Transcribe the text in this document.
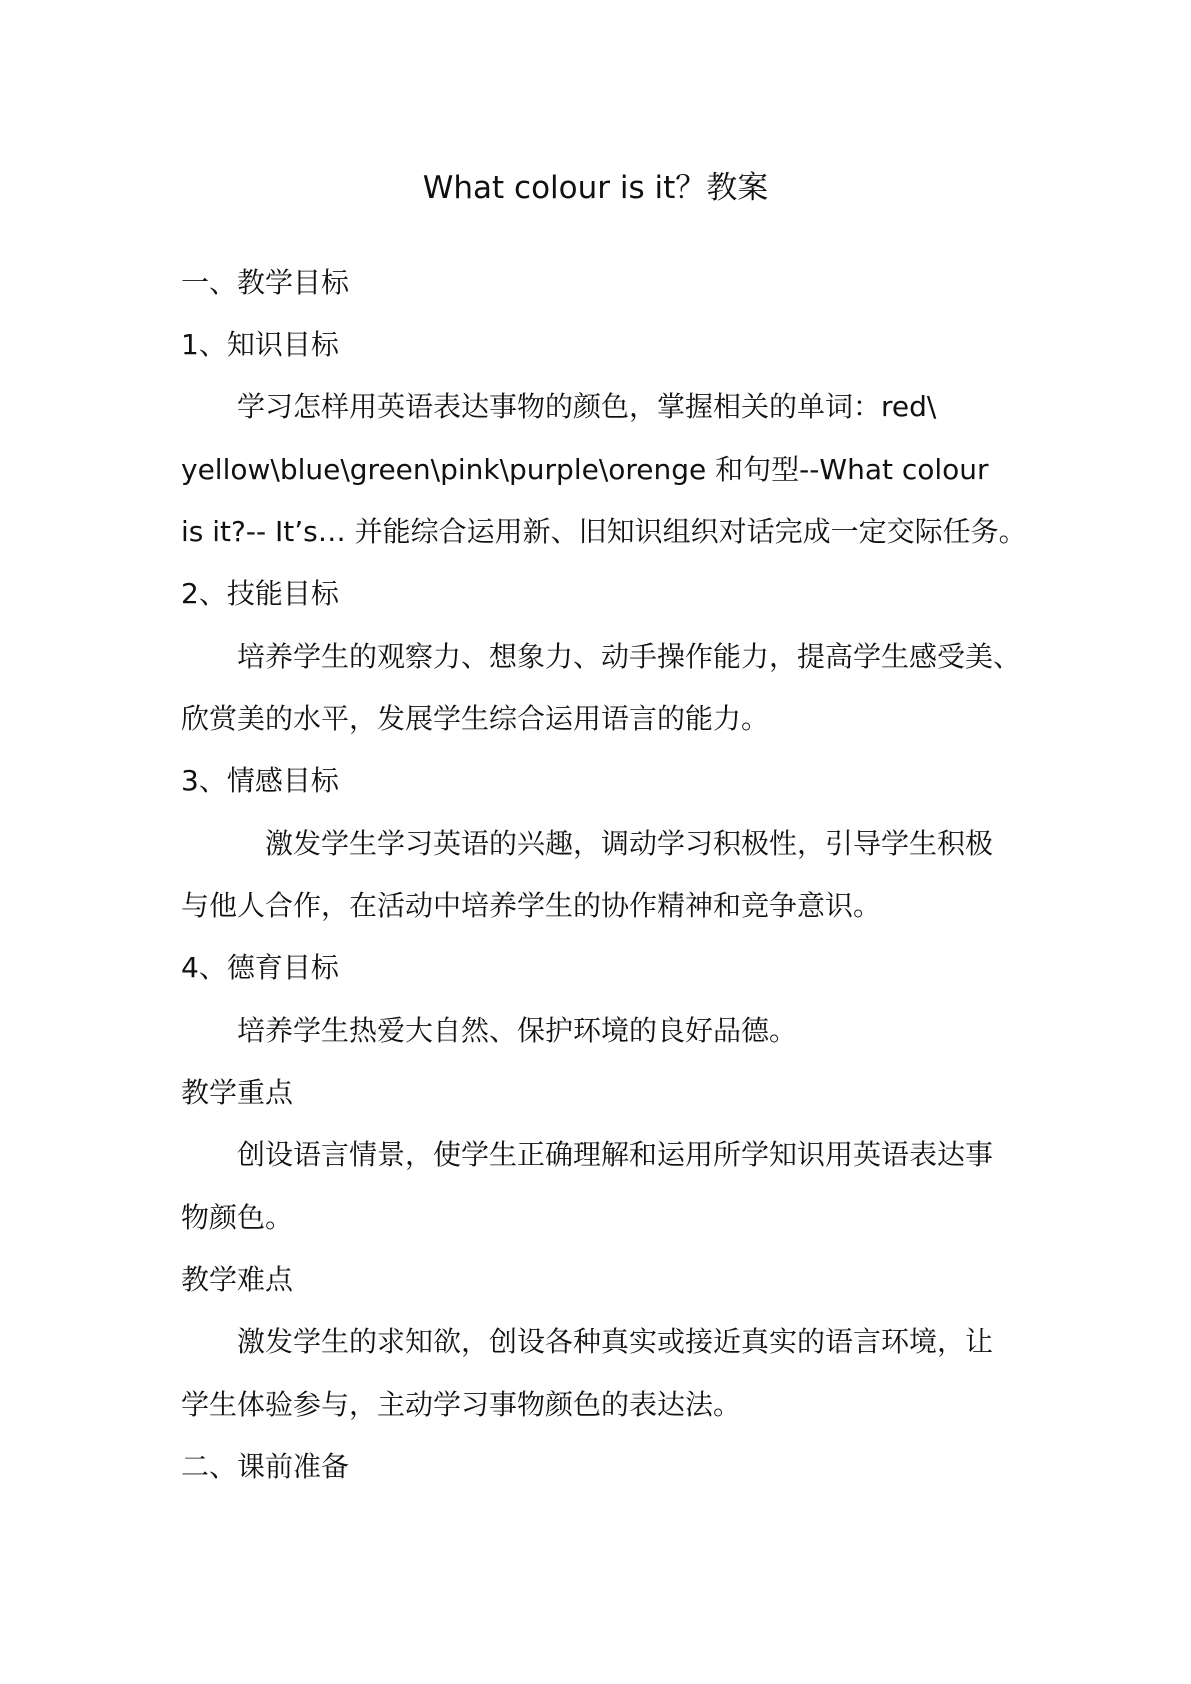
What colour is it？教案
一、教学目标
1、知识目标
学习怎样用英语表达事物的颜色，掌握相关的单词：red\
yellow\blue\green\pink\purple\orenge 和句型--What colour
is it?-- It’s… 并能综合运用新、旧知识组织对话完成一定交际任务。
2、技能目标
培养学生的观察力、想象力、动手操作能力，提高学生感受美、
欣赏美的水平，发展学生综合运用语言的能力。
3、情感目标
激发学生学习英语的兴趣，调动学习积极性，引导学生积极
与他人合作，在活动中培养学生的协作精神和竞争意识。
4、德育目标
培养学生热爱大自然、保护环境的良好品德。
教学重点
创设语言情景，使学生正确理解和运用所学知识用英语表达事
物颜色。
教学难点
激发学生的求知欲，创设各种真实或接近真实的语言环境，让
学生体验参与，主动学习事物颜色的表达法。
二、课前准备
